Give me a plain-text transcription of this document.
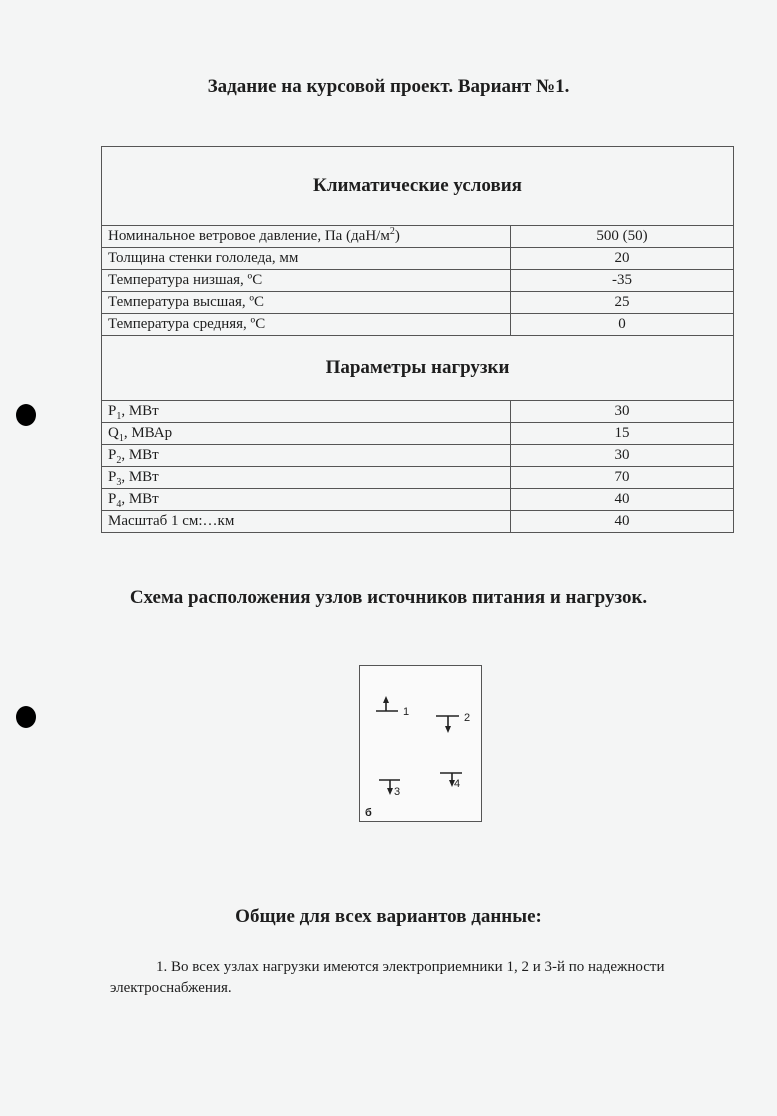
Задание на курсовой проект. Вариант №1.
Климатические условия	
Номинальное ветровое давление, Па $(даН/м^2)$	500 (50)
Толщина стенки гололеда, мм	20
Температура низшая, ºС	-35
Температура высшая, ºС	25
Температура средняя, ºС	0
Параметры нагрузки	
$P_1$, МВт	30
$Q_1$, МВАр	15
$P_2$, МВт	30
$P_3$, МВт	70
$P_4$, МВт	40
Масштаб 1 см:…км	40
Схема расположения узлов источников питания и нагрузок.
1	2
3
4
б
Общие для всех вариантов данные:
1. Во всех узлах нагрузки имеются электроприемники 1, 2 и 3-й по надежности электроснабжения.
